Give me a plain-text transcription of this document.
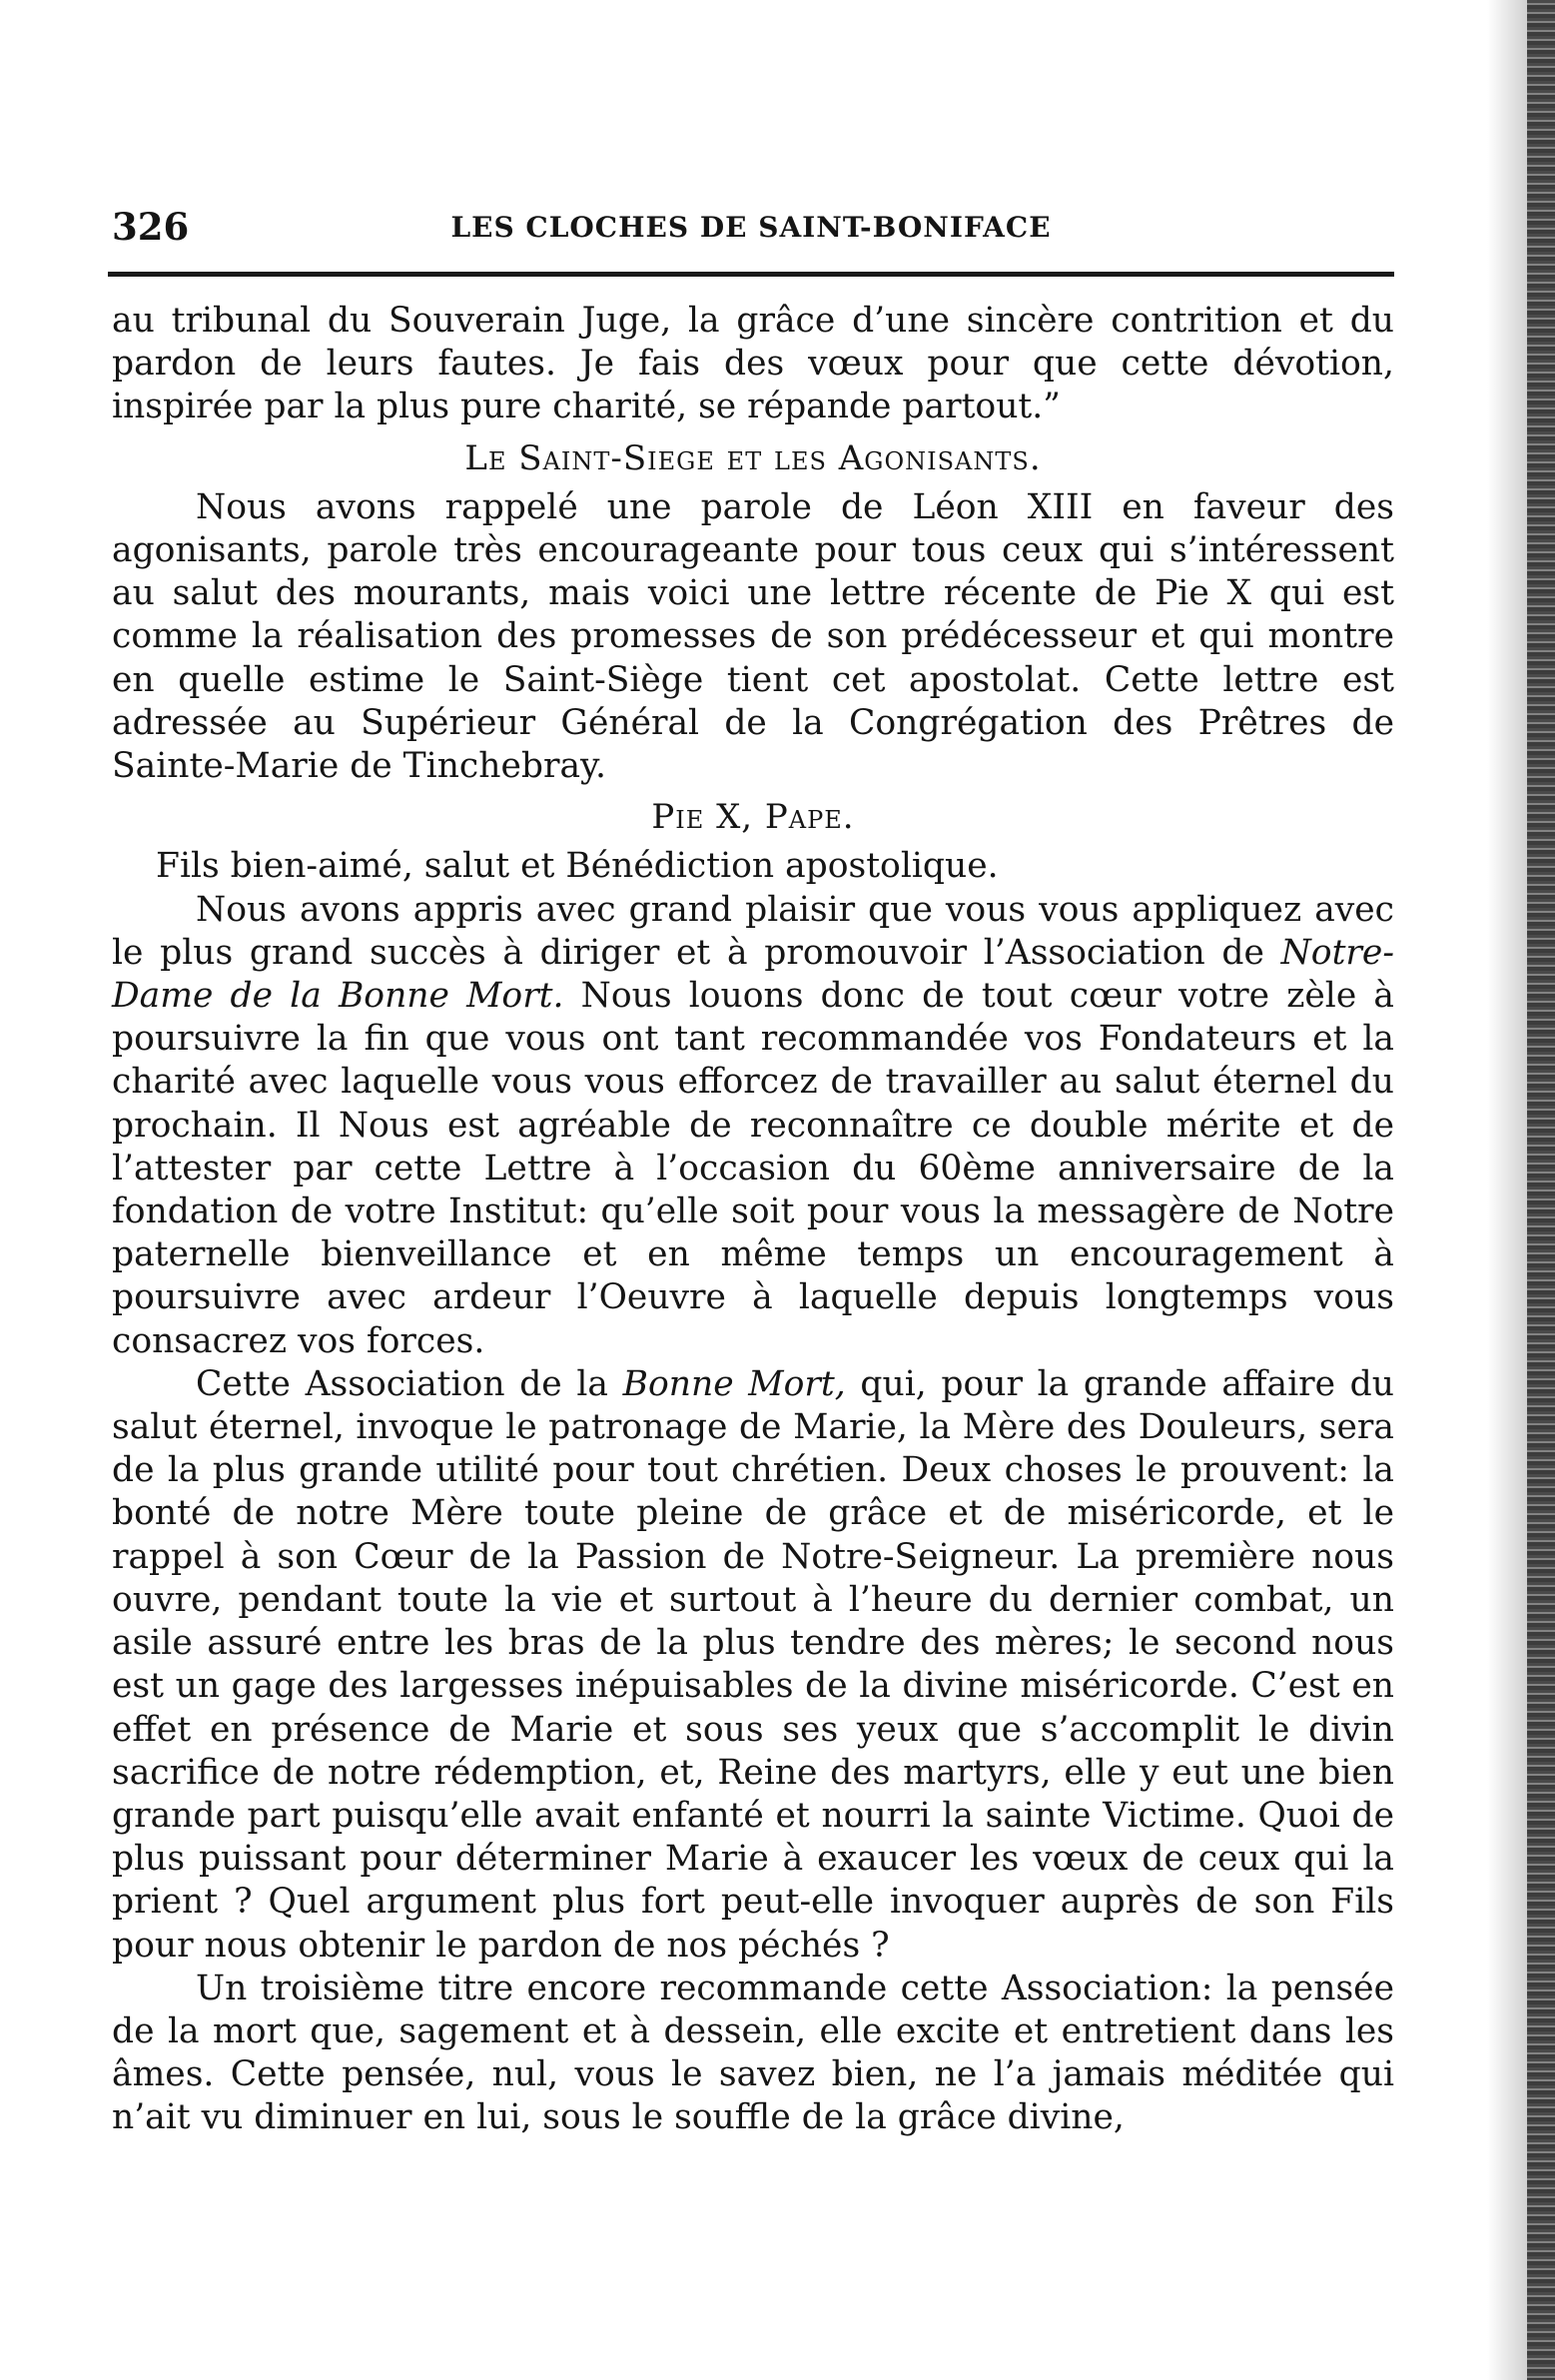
326	LES CLOCHES DE SAINT-BONIFACE

au tribunal du Souverain Juge, la grâce d’une sincère contrition et du pardon de leurs fautes. Je fais des vœux pour que cette dévotion, inspirée par la plus pure charité, se répande partout.”

Le Saint-Siege et les Agonisants.

Nous avons rappelé une parole de Léon XIII en faveur des agonisants, parole très encourageante pour tous ceux qui s’intéressent au salut des mourants, mais voici une lettre récente de Pie X qui est comme la réalisation des promesses de son prédécesseur et qui montre en quelle estime le Saint-Siège tient cet apostolat. Cette lettre est adressée au Supérieur Général de la Congrégation des Prêtres de Sainte-Marie de Tinchebray.

Pie X, Pape.

Fils bien-aimé, salut et Bénédiction apostolique.

Nous avons appris avec grand plaisir que vous vous appliquez avec le plus grand succès à diriger et à promouvoir l’Association de Notre-Dame de la Bonne Mort. Nous louons donc de tout cœur votre zèle à poursuivre la fin que vous ont tant recommandée vos Fondateurs et la charité avec laquelle vous vous efforcez de travailler au salut éternel du prochain. Il Nous est agréable de reconnaître ce double mérite et de l’attester par cette Lettre à l’occasion du 60ème anniversaire de la fondation de votre Institut: qu’elle soit pour vous la messagère de Notre paternelle bienveillance et en même temps un encouragement à poursuivre avec ardeur l’Oeuvre à laquelle depuis longtemps vous consacrez vos forces.

Cette Association de la Bonne Mort, qui, pour la grande affaire du salut éternel, invoque le patronage de Marie, la Mère des Douleurs, sera de la plus grande utilité pour tout chrétien. Deux choses le prouvent: la bonté de notre Mère toute pleine de grâce et de miséricorde, et le rappel à son Cœur de la Passion de Notre-Seigneur. La première nous ouvre, pendant toute la vie et surtout à l’heure du dernier combat, un asile assuré entre les bras de la plus tendre des mères; le second nous est un gage des largesses inépuisables de la divine miséricorde. C’est en effet en présence de Marie et sous ses yeux que s’accomplit le divin sacrifice de notre rédemption, et, Reine des martyrs, elle y eut une bien grande part puisqu’elle avait enfanté et nourri la sainte Victime. Quoi de plus puissant pour déterminer Marie à exaucer les vœux de ceux qui la prient ? Quel argument plus fort peut-elle invoquer auprès de son Fils pour nous obtenir le pardon de nos péchés ?

Un troisième titre encore recommande cette Association: la pensée de la mort que, sagement et à dessein, elle excite et entretient dans les âmes. Cette pensée, nul, vous le savez bien, ne l’a jamais méditée qui n’ait vu diminuer en lui, sous le souffle de la grâce divine,
